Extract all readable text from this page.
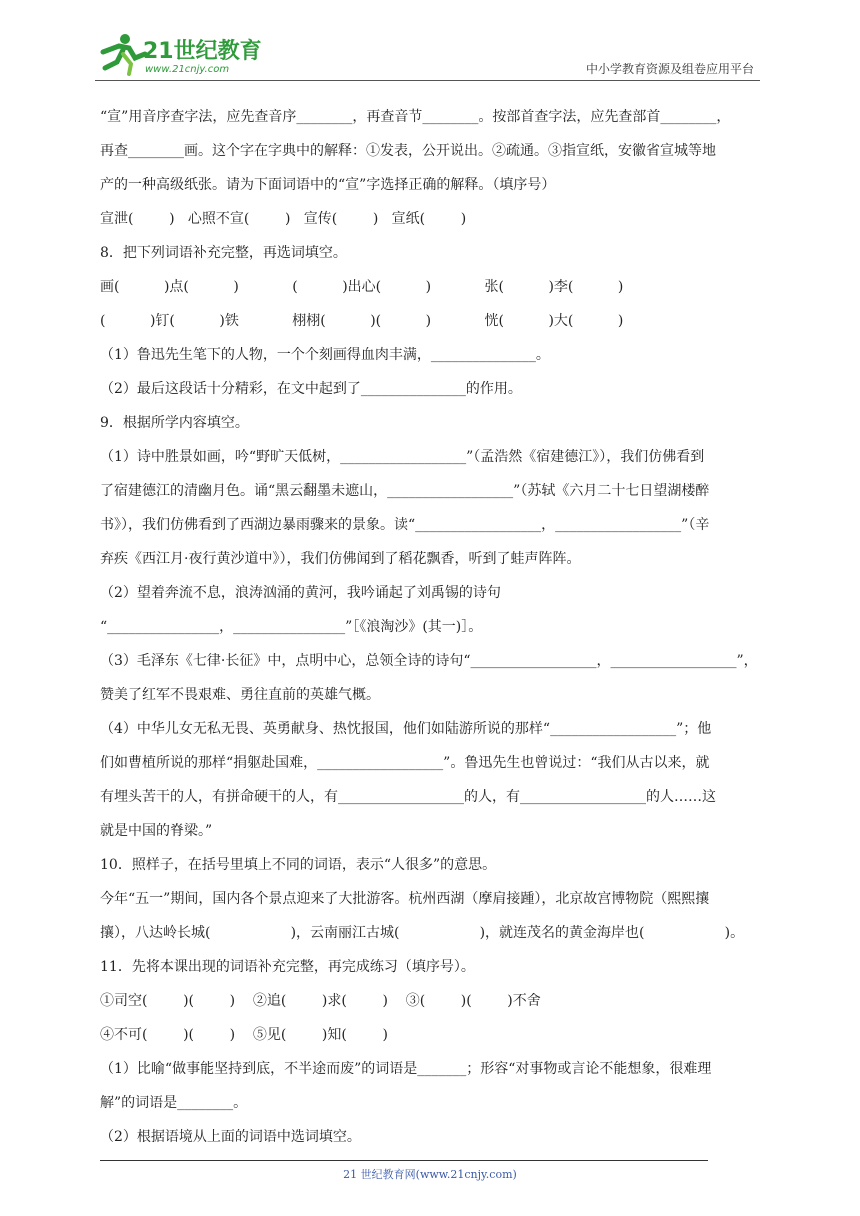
21世纪教育
www.21cnjy.com	中小学教育资源及组卷应用平台
“宣”用音序查字法，应先查音序________，再查音节________。按部首查字法，应先查部首________，
再查________画。这个字在字典中的解释：①发表，公开说出。②疏通。③指宣纸，安徽省宣城等地
产的一种高级纸张。请为下面词语中的“宣”字选择正确的解释。（填序号）
宣泄(        )   心照不宣(        )   宣传(        )   宣纸(        )
8．把下列词语补充完整，再选词填空。
画(          )点(          )            (          )出心(          )            张(          )李(          )
(          )钉(          )铁            栩栩(          )(          )            恍(          )大(          )
（1）鲁迅先生笔下的人物，一个个刻画得血肉丰满，_______________。
（2）最后这段话十分精彩，在文中起到了_______________的作用。
9．根据所学内容填空。
（1）诗中胜景如画，吟“野旷天低树，__________________”（孟浩然《宿建德江》），我们仿佛看到
了宿建德江的清幽月色。诵“黑云翻墨未遮山，__________________”（苏轼《六月二十七日望湖楼醉
书》），我们仿佛看到了西湖边暴雨骤来的景象。读“__________________，__________________”（辛
弃疾《西江月·夜行黄沙道中》），我们仿佛闻到了稻花飘香，听到了蛙声阵阵。
（2）望着奔流不息，浪涛汹涌的黄河，我吟诵起了刘禹锡的诗句
“________________，________________”［《浪淘沙》(其一)］。
（3）毛泽东《七律·长征》中，点明中心，总领全诗的诗句“__________________，__________________”，
赞美了红军不畏艰难、勇往直前的英雄气概。
（4）中华儿女无私无畏、英勇献身、热忱报国，他们如陆游所说的那样“__________________”；他
们如曹植所说的那样“捐躯赴国难，__________________”。鲁迅先生也曾说过：“我们从古以来，就
有埋头苦干的人，有拼命硬干的人，有__________________的人，有__________________的人……这
就是中国的脊梁。”
10．照样子，在括号里填上不同的词语，表示“人很多”的意思。
今年“五一”期间，国内各个景点迎来了大批游客。杭州西湖（摩肩接踵），北京故宫博物院（熙熙攘
攘），八达岭长城(                  )，云南丽江古城(                  )，就连茂名的黄金海岸也(                  )。
11．先将本课出现的词语补充完整，再完成练习（填序号）。
①司空(        )(        )    ②追(        )求(        )    ③(        )(        )不舍
④不可(        )(        )    ⑤见(        )知(        )
（1）比喻“做事能坚持到底，不半途而废”的词语是_______；形容“对事物或言论不能想象，很难理
解”的词语是________。
（2）根据语境从上面的词语中选词填空。
21 世纪教育网(www.21cnjy.com)
